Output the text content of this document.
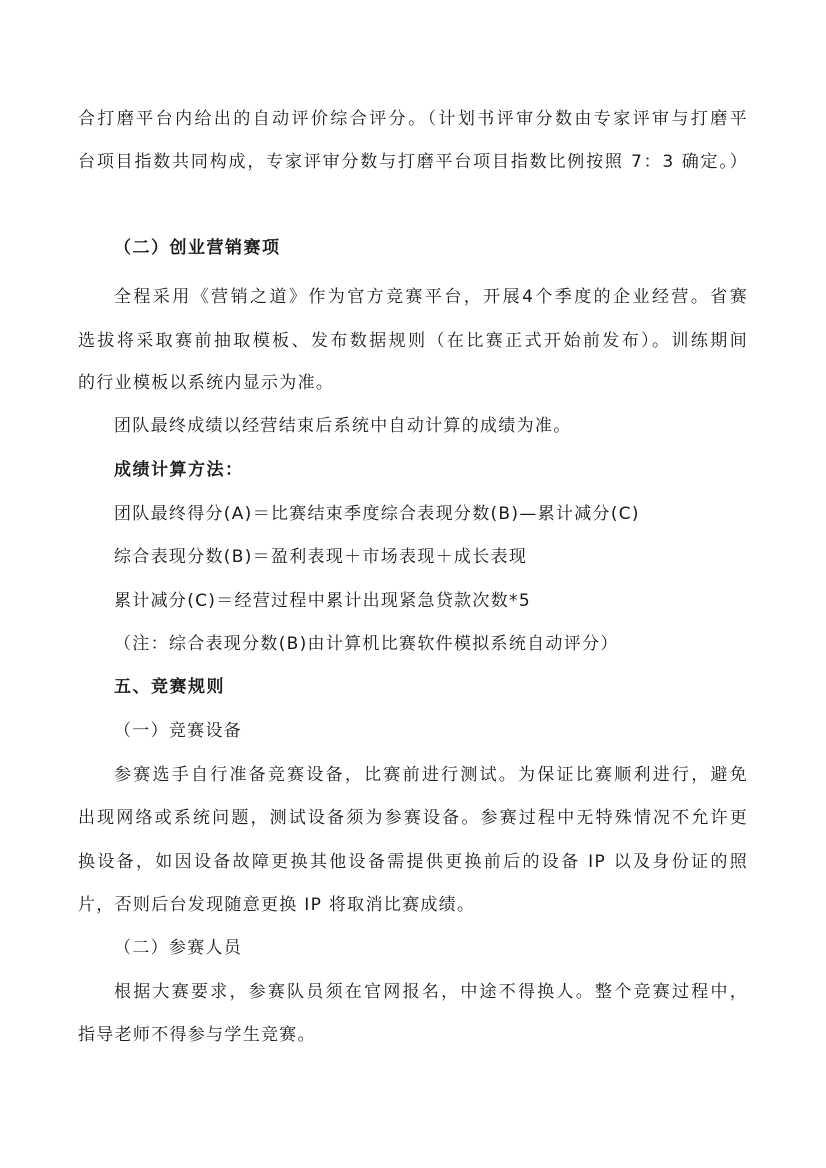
合打磨平台内给出的自动评价综合评分。（计划书评审分数由专家评审与打磨平

台项目指数共同构成，专家评审分数与打磨平台项目指数比例按照 7：3 确定。）

（二）创业营销赛项

全程采用《营销之道》作为官方竞赛平台，开展4个季度的企业经营。省赛

选拔将采取赛前抽取模板、发布数据规则（在比赛正式开始前发布）。训练期间

的行业模板以系统内显示为准。

团队最终成绩以经营结束后系统中自动计算的成绩为准。

成绩计算方法：

团队最终得分(A)＝比赛结束季度综合表现分数(B)—累计减分(C)

综合表现分数(B)＝盈利表现＋市场表现＋成长表现

累计减分(C)＝经营过程中累计出现紧急贷款次数*5

（注：综合表现分数(B)由计算机比赛软件模拟系统自动评分）

五、竞赛规则

（一）竞赛设备

参赛选手自行准备竞赛设备，比赛前进行测试。为保证比赛顺利进行，避免

出现网络或系统问题，测试设备须为参赛设备。参赛过程中无特殊情况不允许更

换设备，如因设备故障更换其他设备需提供更换前后的设备 IP 以及身份证的照

片，否则后台发现随意更换 IP 将取消比赛成绩。

（二）参赛人员

根据大赛要求，参赛队员须在官网报名，中途不得换人。整个竞赛过程中，

指导老师不得参与学生竞赛。
